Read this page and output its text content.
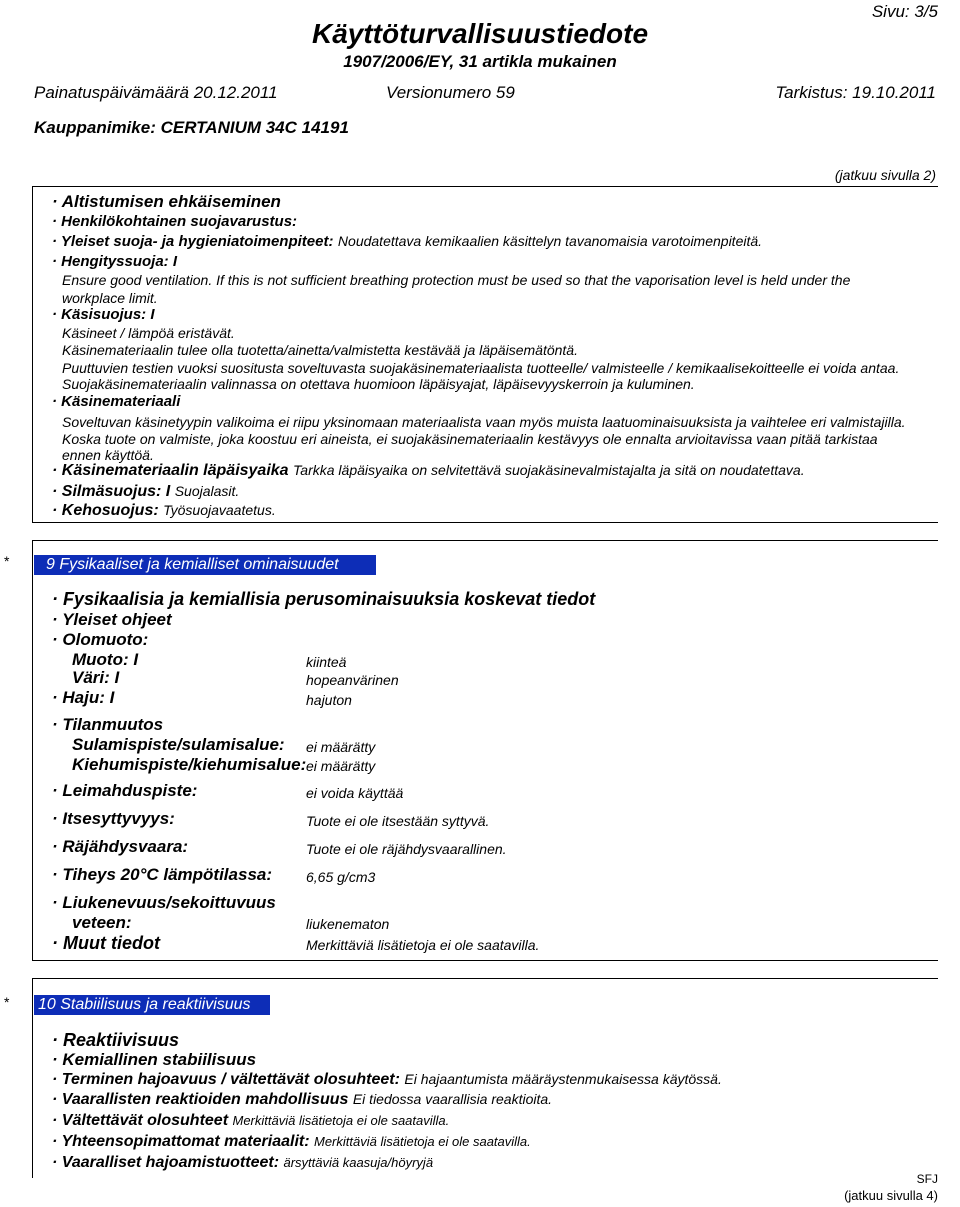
Käyttöturvallisuustiedote
1907/2006/EY, 31 artikla mukainen
Sivu: 3/5
Painatuspäivämäärä 20.12.2011	Versionumero 59	Tarkistus: 19.10.2011
Kauppanimike: CERTANIUM 34C 14191
(jatkuu sivulla 2)
· Altistumisen ehkäiseminen
· Henkilökohtainen suojavarustus:
· Yleiset suoja- ja hygieniatoimenpiteet: Noudatettava kemikaalien käsittelyn tavanomaisia varotoimenpiteitä.
· Hengityssuoja: I
Ensure good ventilation. If this is not sufficient breathing protection must be used so that the vaporisation level is held under the
workplace limit.
· Käsisuojus: I
Käsineet / lämpöä eristävät.
Käsinemateriaalin tulee olla tuotetta/ainetta/valmistetta kestävää ja läpäisemätöntä.
Puuttuvien testien vuoksi suositusta soveltuvasta suojakäsinemateriaalista tuotteelle/ valmisteelle / kemikaalisekoitteelle ei voida antaa.
Suojakäsinemateriaalin valinnassa on otettava huomioon läpäisyajat, läpäisevyyskerroin ja kuluminen.
· Käsinemateriaali
Soveltuvan käsinetyypin valikoima ei riipu yksinomaan materiaalista vaan myös muista laatuominaisuuksista ja vaihtelee eri valmistajilla.
Koska tuote on valmiste, joka koostuu eri aineista, ei suojakäsinemateriaalin kestävyys ole ennalta arvioitavissa vaan pitää tarkistaa
ennen käyttöä.
· Käsinemateriaalin läpäisyaika Tarkka läpäisyaika on selvitettävä suojakäsinevalmistajalta ja sitä on noudatettava.
· Silmäsuojus: I Suojalasit.
· Kehosuojus: Työsuojavaatetus.
*	9 Fysikaaliset ja kemialliset ominaisuudet
· Fysikaalisia ja kemiallisia perusominaisuuksia koskevat tiedot
· Yleiset ohjeet
· Olomuoto:
Muoto: I	kiinteä
Väri: I	hopeanvärinen
· Haju: I	hajuton
· Tilanmuutos
Sulamispiste/sulamisalue: ei määrätty
Kiehumispiste/kiehumisalue: ei määrätty
· Leimahduspiste:	ei voida käyttää
· Itsesyttyvyys:	Tuote ei ole itsestään syttyvä.
· Räjähdysvaara:	Tuote ei ole räjähdysvaarallinen.
· Tiheys 20°C lämpötilassa: 6,65 g/cm3
· Liukenevuus/sekoittuvuus
veteen:	liukenematon
· Muut tiedot	Merkittäviä lisätietoja ei ole saatavilla.
* 10 Stabiilisuus ja reaktiivisuus
· Reaktiivisuus
· Kemiallinen stabiilisuus
· Terminen hajoavuus / vältettävät olosuhteet: Ei hajaantumista määräystenmukaisessa käytössä.
· Vaarallisten reaktioiden mahdollisuus Ei tiedossa vaarallisia reaktioita.
· Vältettävät olosuhteet Merkittäviä lisätietoja ei ole saatavilla.
· Yhteensopimattomat materiaalit: Merkittäviä lisätietoja ei ole saatavilla.
· Vaaralliset hajoamistuotteet: ärsyttäviä kaasuja/höyryjä
SFJ
(jatkuu sivulla 4)
